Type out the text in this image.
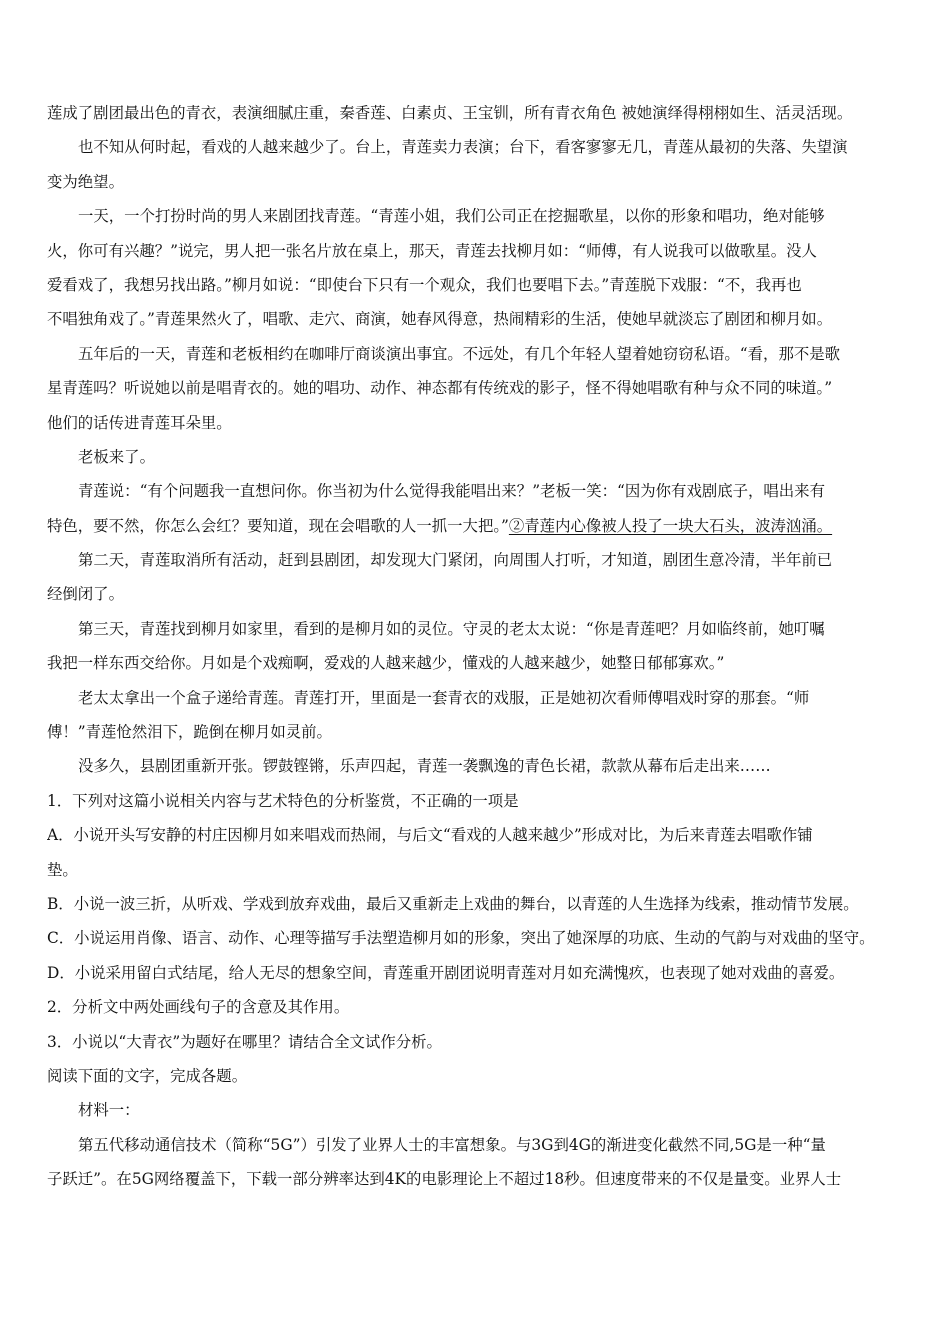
莲成了剧团最出色的青衣，表演细腻庄重，秦香莲、白素贞、王宝钏，所有青衣角色 被她演绎得栩栩如生、活灵活现。
也不知从何时起，看戏的人越来越少了。台上，青莲卖力表演；台下，看客寥寥无几，青莲从最初的失落、失望演
变为绝望。
一天，一个打扮时尚的男人来剧团找青莲。“青莲小姐，我们公司正在挖掘歌星，以你的形象和唱功，绝对能够
火，你可有兴趣？”说完，男人把一张名片放在桌上，那天，青莲去找柳月如：“师傅，有人说我可以做歌星。没人
爱看戏了，我想另找出路。”柳月如说：“即使台下只有一个观众，我们也要唱下去。”青莲脱下戏服：“不，我再也
不唱独角戏了。”青莲果然火了，唱歌、走穴、商演，她春风得意，热闹精彩的生活，使她早就淡忘了剧团和柳月如。
五年后的一天，青莲和老板相约在咖啡厅商谈演出事宜。不远处，有几个年轻人望着她窃窃私语。“看，那不是歌
星青莲吗？听说她以前是唱青衣的。她的唱功、动作、神态都有传统戏的影子，怪不得她唱歌有种与众不同的味道。”
他们的话传进青莲耳朵里。
老板来了。
青莲说：“有个问题我一直想问你。你当初为什么觉得我能唱出来？”老板一笑：“因为你有戏剧底子，唱出来有
特色，要不然，你怎么会红？要知道，现在会唱歌的人一抓一大把。”②青莲内心像被人投了一块大石头，波涛汹涌。
第二天，青莲取消所有活动，赶到县剧团，却发现大门紧闭，向周围人打听，才知道，剧团生意冷清，半年前已
经倒闭了。
第三天，青莲找到柳月如家里，看到的是柳月如的灵位。守灵的老太太说：“你是青莲吧？月如临终前，她叮嘱
我把一样东西交给你。月如是个戏痴啊，爱戏的人越来越少，懂戏的人越来越少，她整日郁郁寡欢。”
老太太拿出一个盒子递给青莲。青莲打开，里面是一套青衣的戏服，正是她初次看师傅唱戏时穿的那套。“师
傅！”青莲怆然泪下，跪倒在柳月如灵前。
没多久，县剧团重新开张。锣鼓铿锵，乐声四起，青莲一袭飘逸的青色长裙，款款从幕布后走出来……
1．下列对这篇小说相关内容与艺术特色的分析鉴赏，不正确的一项是
A．小说开头写安静的村庄因柳月如来唱戏而热闹，与后文“看戏的人越来越少”形成对比，为后来青莲去唱歌作铺
垫。
B．小说一波三折，从听戏、学戏到放弃戏曲，最后又重新走上戏曲的舞台，以青莲的人生选择为线索，推动情节发展。
C．小说运用肖像、语言、动作、心理等描写手法塑造柳月如的形象，突出了她深厚的功底、生动的气韵与对戏曲的坚守。
D．小说采用留白式结尾，给人无尽的想象空间，青莲重开剧团说明青莲对月如充满愧疚，也表现了她对戏曲的喜爱。
2．分析文中两处画线句子的含意及其作用。
3．小说以“大青衣”为题好在哪里？请结合全文试作分析。
阅读下面的文字，完成各题。
材料一：
第五代移动通信技术（简称“5G”）引发了业界人士的丰富想象。与3G到4G的渐进变化截然不同,5G是一种“量
子跃迁”。在5G网络覆盖下，下载一部分辨率达到4K的电影理论上不超过18秒。但速度带来的不仅是量变。业界人士
